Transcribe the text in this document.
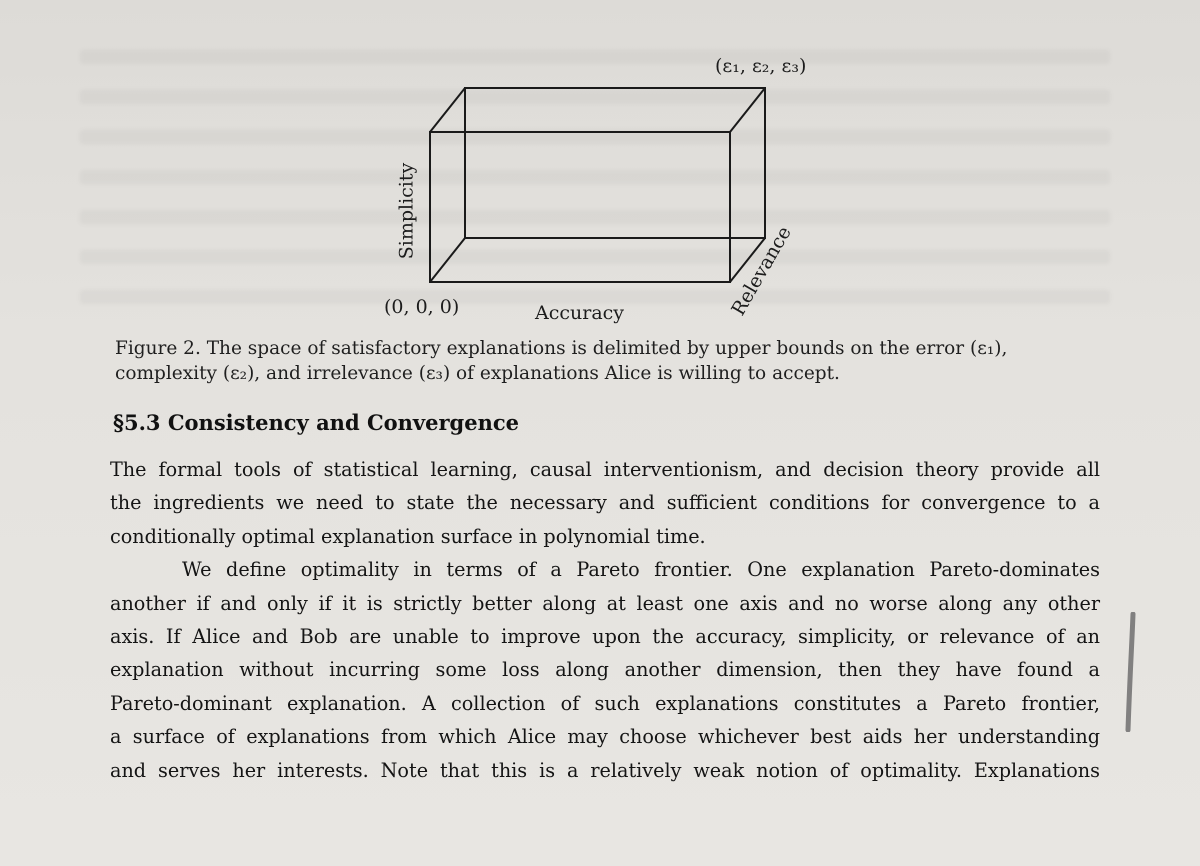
(ε₁, ε₂, ε₃)
(0, 0, 0)	Accuracy
Simplicity
Relevance
Figure 2. The space of satisfactory explanations is delimited by upper bounds on the error (ε₁),
complexity (ε₂), and irrelevance (ε₃) of explanations Alice is willing to accept.
§5.3 Consistency and Convergence
The formal tools of statistical learning, causal interventionism, and decision theory provide all
the ingredients we need to state the necessary and sufficient conditions for convergence to a
conditionally optimal explanation surface in polynomial time.
We define optimality in terms of a Pareto frontier. One explanation Pareto-dominates
another if and only if it is strictly better along at least one axis and no worse along any other
axis. If Alice and Bob are unable to improve upon the accuracy, simplicity, or relevance of an
explanation without incurring some loss along another dimension, then they have found a
Pareto-dominant explanation. A collection of such explanations constitutes a Pareto frontier,
a surface of explanations from which Alice may choose whichever best aids her understanding
and serves her interests. Note that this is a relatively weak notion of optimality. Explanations
